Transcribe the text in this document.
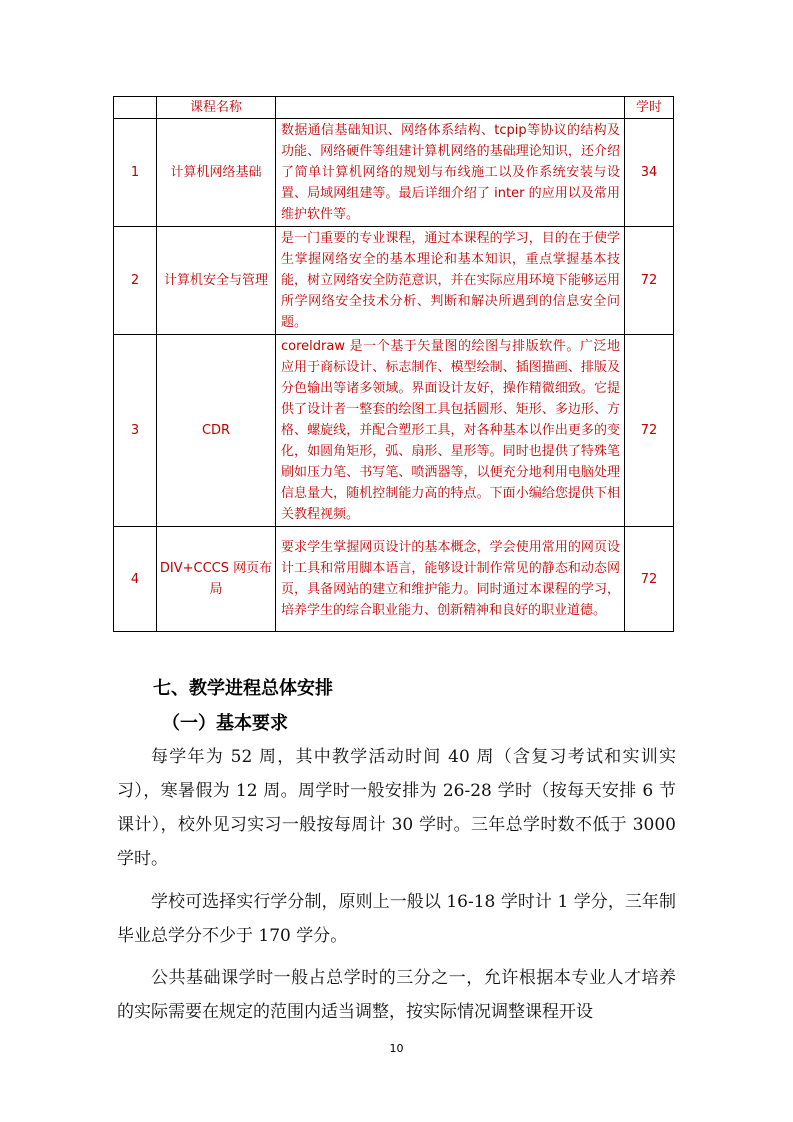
	课程名称		学时
1	计算机网络基础	数据通信基础知识、网络体系结构、tcpip等协议的结构及功能、网络硬件等组建计算机网络的基础理论知识，还介绍了简单计算机网络的规划与布线施工以及作系统安装与设置、局域网组建等。最后详细介绍了 inter 的应用以及常用维护软件等。	34
2	计算机安全与管理	是一门重要的专业课程，通过本课程的学习，目的在于使学生掌握网络安全的基本理论和基本知识，重点掌握基本技能，树立网络安全防范意识，并在实际应用环境下能够运用所学网络安全技术分析、判断和解决所遇到的信息安全问题。	72
3	CDR	coreldraw 是一个基于矢量图的绘图与排版软件。广泛地应用于商标设计、标志制作、模型绘制、插图描画、排版及分色输出等诸多领域。界面设计友好，操作精微细致。它提供了设计者一整套的绘图工具包括圆形、矩形、多边形、方格、螺旋线，并配合塑形工具，对各种基本以作出更多的变化，如圆角矩形，弧、扇形、星形等。同时也提供了特殊笔刷如压力笔、书写笔、喷洒器等，以便充分地利用电脑处理信息量大，随机控制能力高的特点。下面小编给您提供下相关教程视频。	72
4	DIV+CCCS 网页布局	要求学生掌握网页设计的基本概念，学会使用常用的网页设计工具和常用脚本语言，能够设计制作常见的静态和动态网页，具备网站的建立和维护能力。同时通过本课程的学习，培养学生的综合职业能力、创新精神和良好的职业道德。	72
七、教学进程总体安排
（一）基本要求

每学年为 52 周，其中教学活动时间 40 周（含复习考试和实训实习），寒暑假为 12 周。周学时一般安排为 26-28 学时（按每天安排 6 节课计），校外见习实习一般按每周计 30 学时。三年总学时数不低于 3000 学时。

学校可选择实行学分制，原则上一般以 16-18 学时计 1 学分，三年制毕业总学分不少于 170 学分。

公共基础课学时一般占总学时的三分之一，允许根据本专业人才培养的实际需要在规定的范围内适当调整，按实际情况调整课程开设

10
